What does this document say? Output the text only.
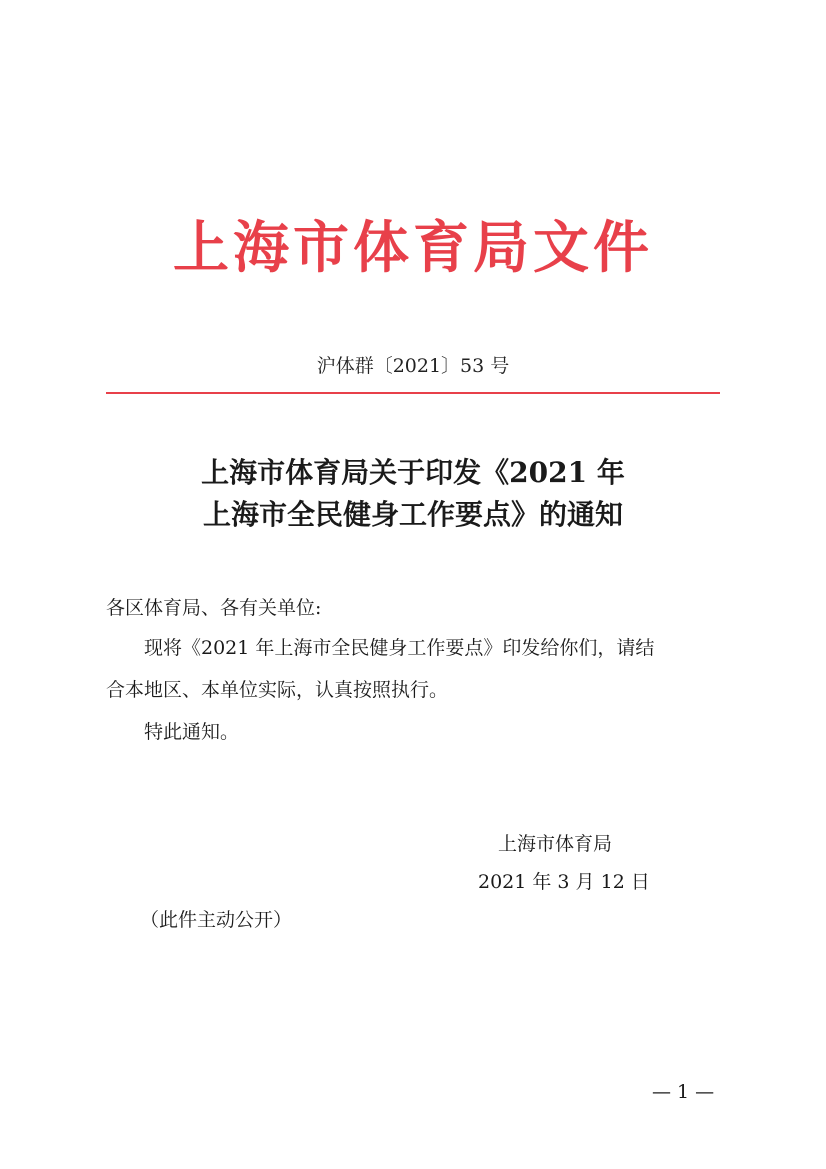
上海市体育局文件
沪体群〔2021〕53 号
上海市体育局关于印发《2021 年
上海市全民健身工作要点》的通知
各区体育局、各有关单位:
现将《2021 年上海市全民健身工作要点》印发给你们，请结
合本地区、本单位实际，认真按照执行。
特此通知。
上海市体育局
2021 年 3 月 12 日
（此件主动公开）
— 1 —
